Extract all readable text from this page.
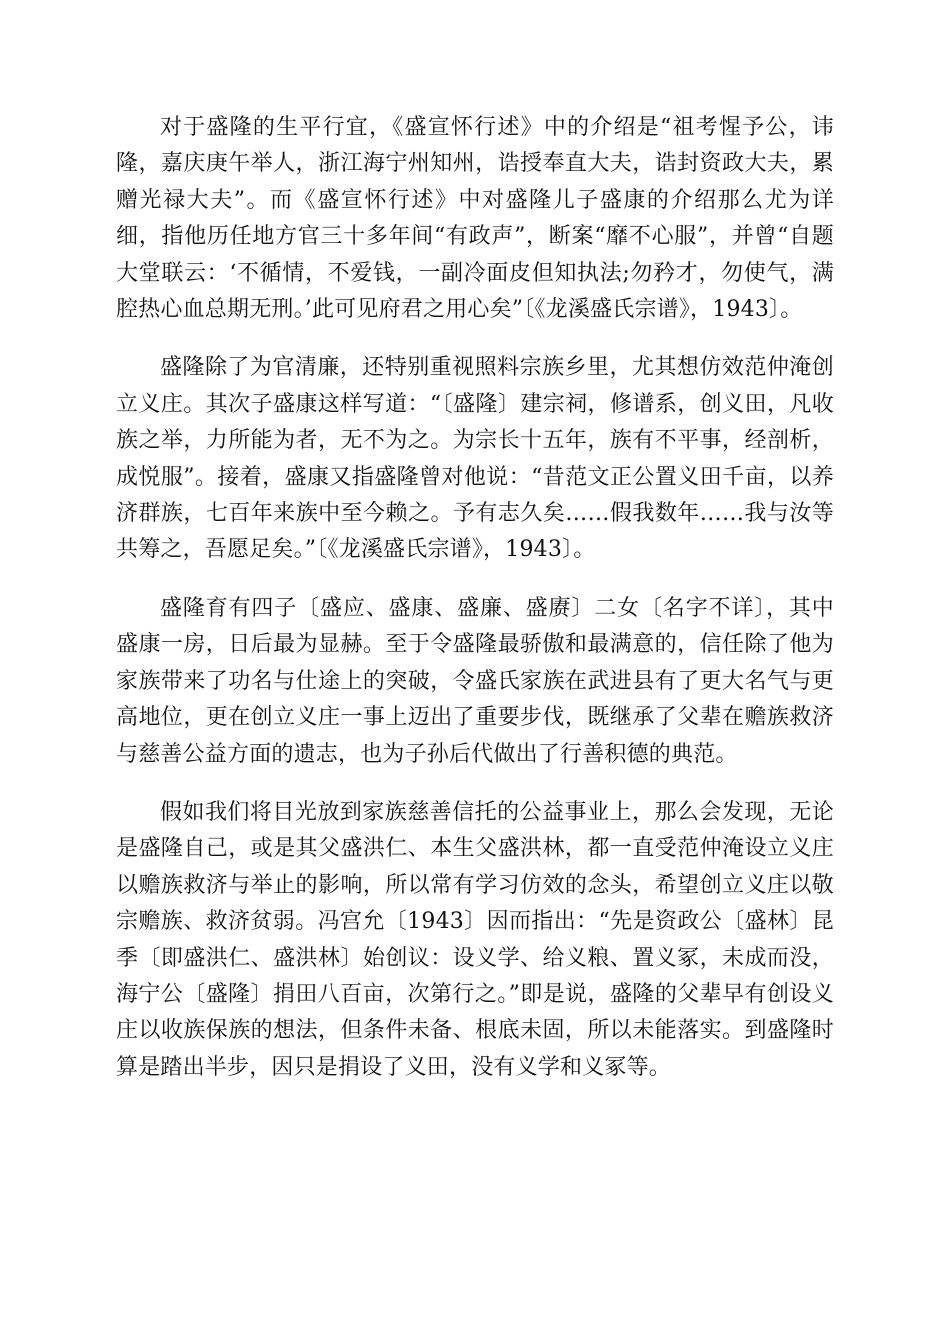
对于盛隆的生平行宜，《盛宣怀行述》中的介绍是“祖考惺予公，讳隆，嘉庆庚午举人，浙江海宁州知州，诰授奉直大夫，诰封资政大夫，累赠光禄大夫”。而《盛宣怀行述》中对盛隆儿子盛康的介绍那么尤为详细，指他历任地方官三十多年间“有政声”，断案“靡不心服”，并曾“自题大堂联云：‘不循情，不爱钱，一副冷面皮但知执法;勿矜才，勿使气，满腔热心血总期无刑。’此可见府君之用心矣”〔《龙溪盛氏宗谱》，1943〕。

盛隆除了为官清廉，还特别重视照料宗族乡里，尤其想仿效范仲淹创立义庄。其次子盛康这样写道：“〔盛隆〕建宗祠，修谱系，创义田，凡收族之举，力所能为者，无不为之。为宗长十五年，族有不平事，经剖析，成悦服”。接着，盛康又指盛隆曾对他说：“昔范文正公置义田千亩，以养济群族，七百年来族中至今赖之。予有志久矣……假我数年……我与汝等共筹之，吾愿足矣。”〔《龙溪盛氏宗谱》，1943〕。

盛隆育有四子〔盛应、盛康、盛廉、盛赓〕二女〔名字不详〕，其中盛康一房，日后最为显赫。至于令盛隆最骄傲和最满意的，信任除了他为家族带来了功名与仕途上的突破，令盛氏家族在武进县有了更大名气与更高地位，更在创立义庄一事上迈出了重要步伐，既继承了父辈在赡族救济与慈善公益方面的遗志，也为子孙后代做出了行善积德的典范。

假如我们将目光放到家族慈善信托的公益事业上，那么会发现，无论是盛隆自己，或是其父盛洪仁、本生父盛洪林，都一直受范仲淹设立义庄以赡族救济与举止的影响，所以常有学习仿效的念头，希望创立义庄以敬宗赡族、救济贫弱。冯宫允〔1943〕因而指出：“先是资政公〔盛林〕昆季〔即盛洪仁、盛洪林〕始创议：设义学、给义粮、置义冢，未成而没，海宁公〔盛隆〕捐田八百亩，次第行之。”即是说，盛隆的父辈早有创设义庄以收族保族的想法，但条件未备、根底未固，所以未能落实。到盛隆时算是踏出半步，因只是捐设了义田，没有义学和义冢等。
